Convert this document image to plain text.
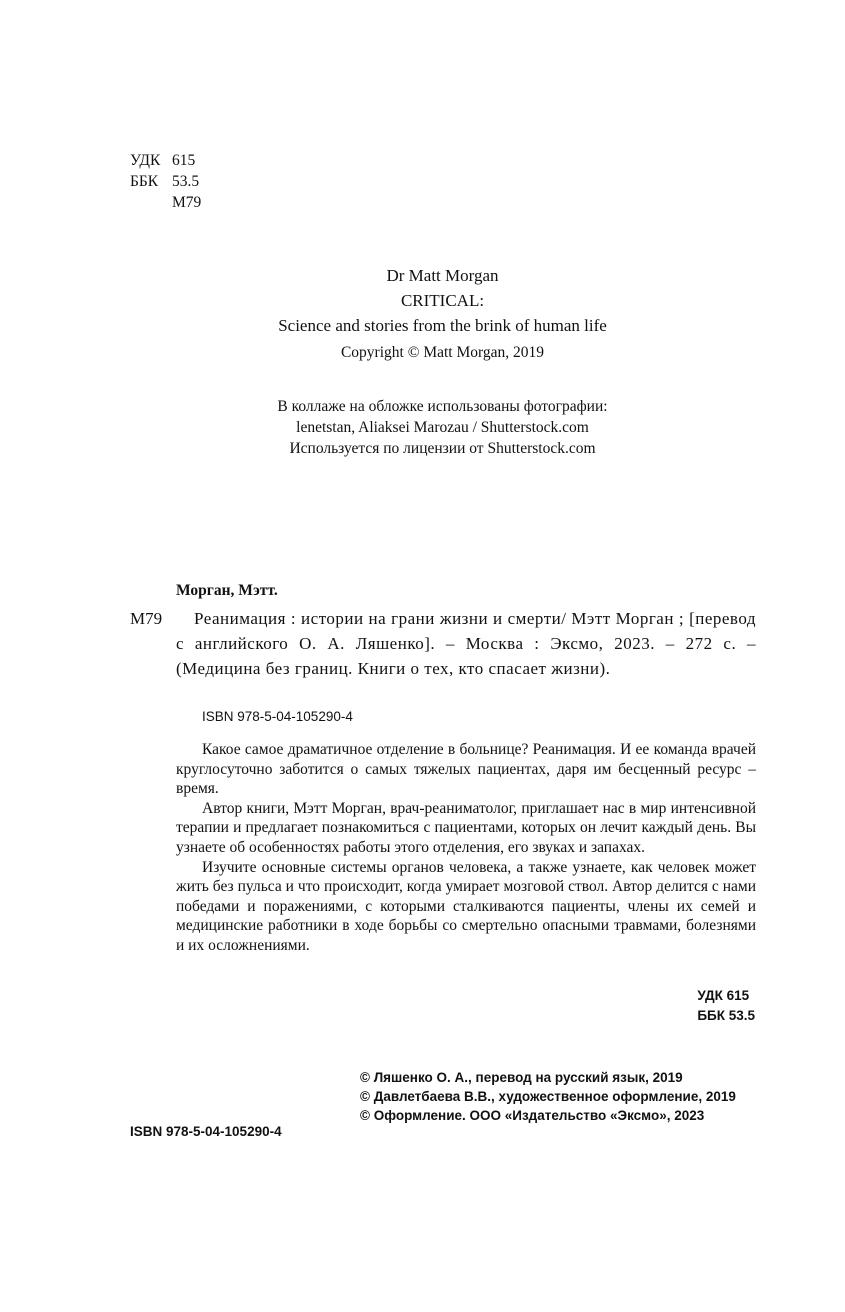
УДК 615
ББК 53.5
М79
Dr Matt Morgan
CRITICAL:
Science and stories from the brink of human life
Copyright © Matt Morgan, 2019
В коллаже на обложке использованы фотографии:
lenetstan, Aliaksei Marozau / Shutterstock.com
Используется по лицензии от Shutterstock.com
Морган, Мэтт.
М79	Реанимация : истории на грани жизни и смерти/ Мэтт Морган ; [перевод с английского О. А. Ляшенко]. – Москва : Эксмо, 2023. – 272 с. – (Медицина без границ. Книги о тех, кто спасает жизни).
ISBN 978-5-04-105290-4

Какое самое драматичное отделение в больнице? Реанимация. И ее команда врачей круглосуточно заботится о самых тяжелых пациентах, даря им бесценный ресурс – время.

Автор книги, Мэтт Морган, врач-реаниматолог, приглашает нас в мир интенсивной терапии и предлагает познакомиться с пациентами, которых он лечит каждый день. Вы узнаете об особенностях работы этого отделения, его звуках и запахах.

Изучите основные системы органов человека, а также узнаете, как человек может жить без пульса и что происходит, когда умирает мозговой ствол. Автор делится с нами победами и поражениями, с которыми сталкиваются пациенты, члены их семей и медицинские работники в ходе борьбы со смертельно опасными травмами, болезнями и их осложнениями.

УДК 615
ББК 53.5
© Ляшенко О. А., перевод на русский язык, 2019
© Давлетбаева В.В., художественное оформление, 2019
© Оформление. ООО «Издательство «Эксмо», 2023
ISBN 978-5-04-105290-4
